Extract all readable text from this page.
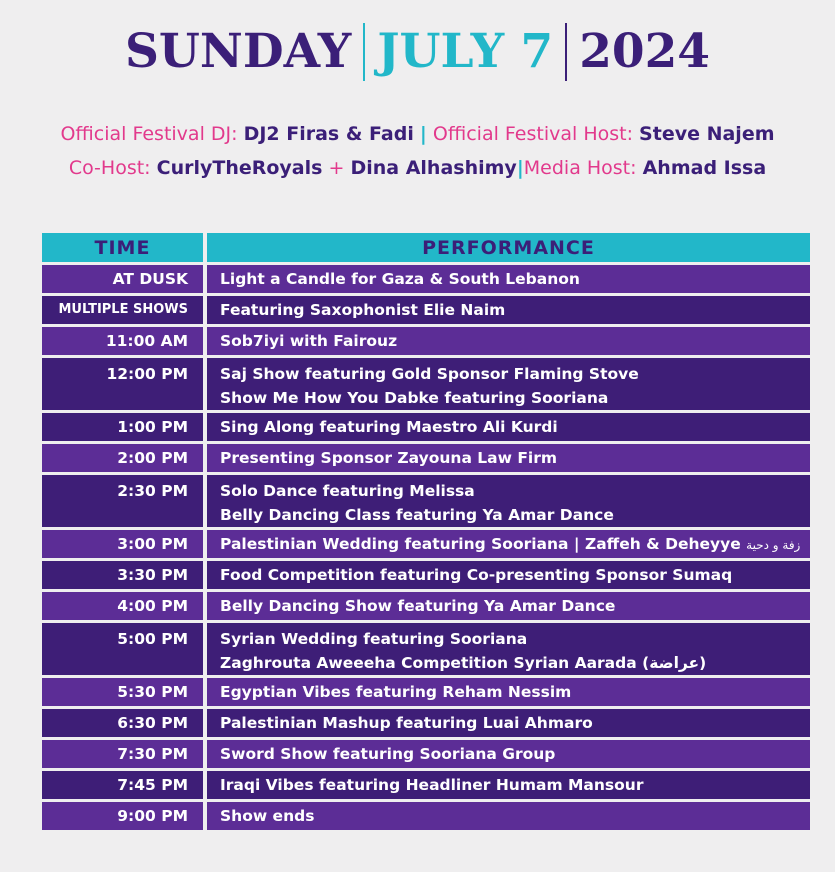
SUNDAY JULY 7 2024
Official Festival DJ: DJ2 Firas & Fadi | Official Festival Host: Steve Najem
Co-Host: CurlyTheRoyals + Dina Alhashimy|Media Host: Ahmad Issa
TIME	PERFORMANCE
AT DUSK	Light a Candle for Gaza & South Lebanon
MULTIPLE SHOWS	Featuring Saxophonist Elie Naim
11:00 AM	Sob7iyi with Fairouz
12:00 PM	Saj Show featuring Gold Sponsor Flaming Stove
Show Me How You Dabke featuring Sooriana
1:00 PM	Sing Along featuring Maestro Ali Kurdi
2:00 PM	Presenting Sponsor Zayouna Law Firm
2:30 PM	Solo Dance featuring Melissa
Belly Dancing Class featuring Ya Amar Dance
3:00 PM	Palestinian Wedding featuring Sooriana | Zaffeh & Deheyye زفة و دحية
3:30 PM	Food Competition featuring Co-presenting Sponsor Sumaq
4:00 PM	Belly Dancing Show featuring Ya Amar Dance
5:00 PM	Syrian Wedding featuring Sooriana
Zaghrouta Aweeeha Competition Syrian Aarada (عراضة)
5:30 PM	Egyptian Vibes featuring Reham Nessim
6:30 PM	Palestinian Mashup featuring Luai Ahmaro
7:30 PM	Sword Show featuring Sooriana Group
7:45 PM	Iraqi Vibes featuring Headliner Humam Mansour
9:00 PM	Show ends
